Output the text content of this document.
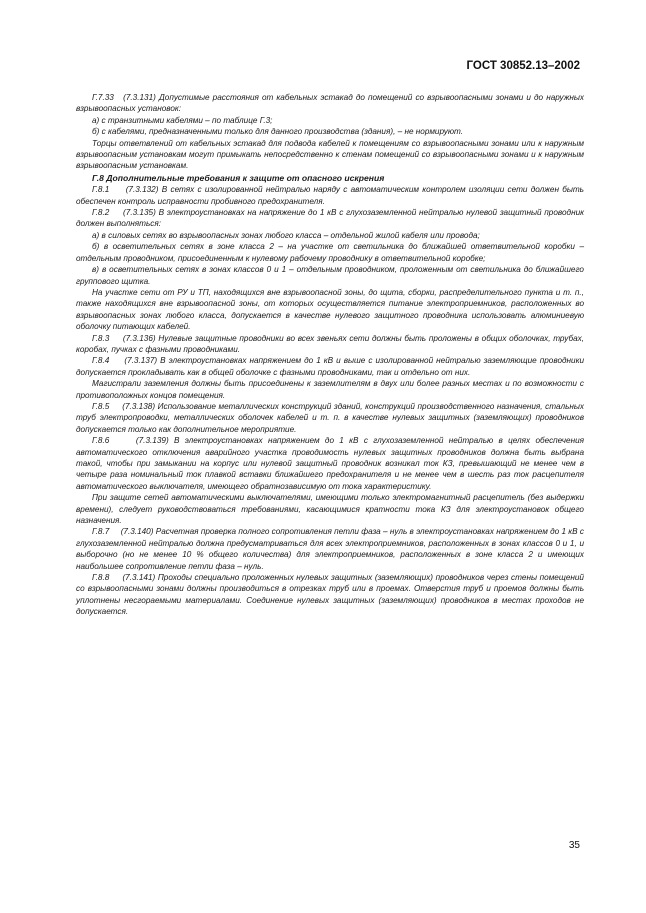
ГОСТ 30852.13–2002

Г.7.33 (7.3.131) Допустимые расстояния от кабельных эстакад до помещений со взрывоопасными зонами и до наружных взрывоопасных установок:

а) с транзитными кабелями – по таблице Г.3;

б) с кабелями, предназначенными только для данного производства (здания), – не нормируют.

Торцы ответвлений от кабельных эстакад для подвода кабелей к помещениям со взрывоопасными зонами или к наружным взрывоопасным установкам могут примыкать непосредственно к стенам помещений со взрывоопасными зонами и к наружным взрывоопасным установкам.

Г.8 Дополнительные требования к защите от опасного искрения

Г.8.1 (7.3.132) В сетях с изолированной нейтралью наряду с автоматическим контролем изоляции сети должен быть обеспечен контроль исправности пробивного предохранителя.

Г.8.2 (7.3.135) В электроустановках на напряжение до 1 кВ с глухозаземленной нейтралью нулевой защитный проводник должен выполняться:

а) в силовых сетях во взрывоопасных зонах любого класса – отдельной жилой кабеля или провода;

б) в осветительных сетях в зоне класса 2 – на участке от светильника до ближайшей ответвительной коробки – отдельным проводником, присоединенным к нулевому рабочему проводнику в ответвительной коробке;

в) в осветительных сетях в зонах классов 0 и 1 – отдельным проводником, проложенным от светильника до ближайшего группового щитка.

На участке сети от РУ и ТП, находящихся вне взрывоопасной зоны, до щита, сборки, распределительного пункта и т. п., также находящихся вне взрывоопасной зоны, от которых осуществляется питание электроприемников, расположенных во взрывоопасных зонах любого класса, допускается в качестве нулевого защитного проводника использовать алюминиевую оболочку питающих кабелей.

Г.8.3 (7.3.136) Нулевые защитные проводники во всех звеньях сети должны быть проложены в общих оболочках, трубах, коробах, пучках с фазными проводниками.

Г.8.4 (7.3.137) В электроустановках напряжением до 1 кВ и выше с изолированной нейтралью заземляющие проводники допускается прокладывать как в общей оболочке с фазными проводниками, так и отдельно от них.

Магистрали заземления должны быть присоединены к заземлителям в двух или более разных местах и по возможности с противоположных концов помещения.

Г.8.5 (7.3.138) Использование металлических конструкций зданий, конструкций производственного назначения, стальных труб электропроводки, металлических оболочек кабелей и т. п. в качестве нулевых защитных (заземляющих) проводников допускается только как дополнительное мероприятие.

Г.8.6	(7.3.139) В электроустановках напряжением до 1 кВ с глухозаземленной нейтралью в целях обеспечения автоматического отключения аварийного участка проводимость нулевых защитных проводников должна быть выбрана такой, чтобы при замыкании на корпус или нулевой защитный проводник возникал ток КЗ, превышающий не менее чем в четыре раза номинальный ток плавкой вставки ближайшего предохранителя и не менее чем в шесть раз ток расцепителя автоматического выключателя, имеющего обратнозависимую от тока характеристику.

При защите сетей автоматическими выключателями, имеющими только электромагнитный расцепитель (без выдержки времени), следует руководствоваться требованиями, касающимися кратности тока КЗ для электроустановок общего назначения.

Г.8.7 (7.3.140) Расчетная проверка полного сопротивления петли фаза – нуль в электроустановках напряжением до 1 кВ с глухозаземленной нейтралью должна предусматриваться для всех электроприемников, расположенных в зонах классов 0 и 1, и выборочно (но не менее 10 % общего количества) для электроприемников, расположенных в зоне класса 2 и имеющих наибольшее сопротивление петли фаза – нуль.

Г.8.8 (7.3.141) Проходы специально проложенных нулевых защитных (заземляющих) проводников через стены помещений со взрывоопасными зонами должны производиться в отрезках труб или в проемах. Отверстия труб и проемов должны быть уплотнены несгораемыми материалами. Соединение нулевых защитных (заземляющих) проводников в местах проходов не допускается.

35
